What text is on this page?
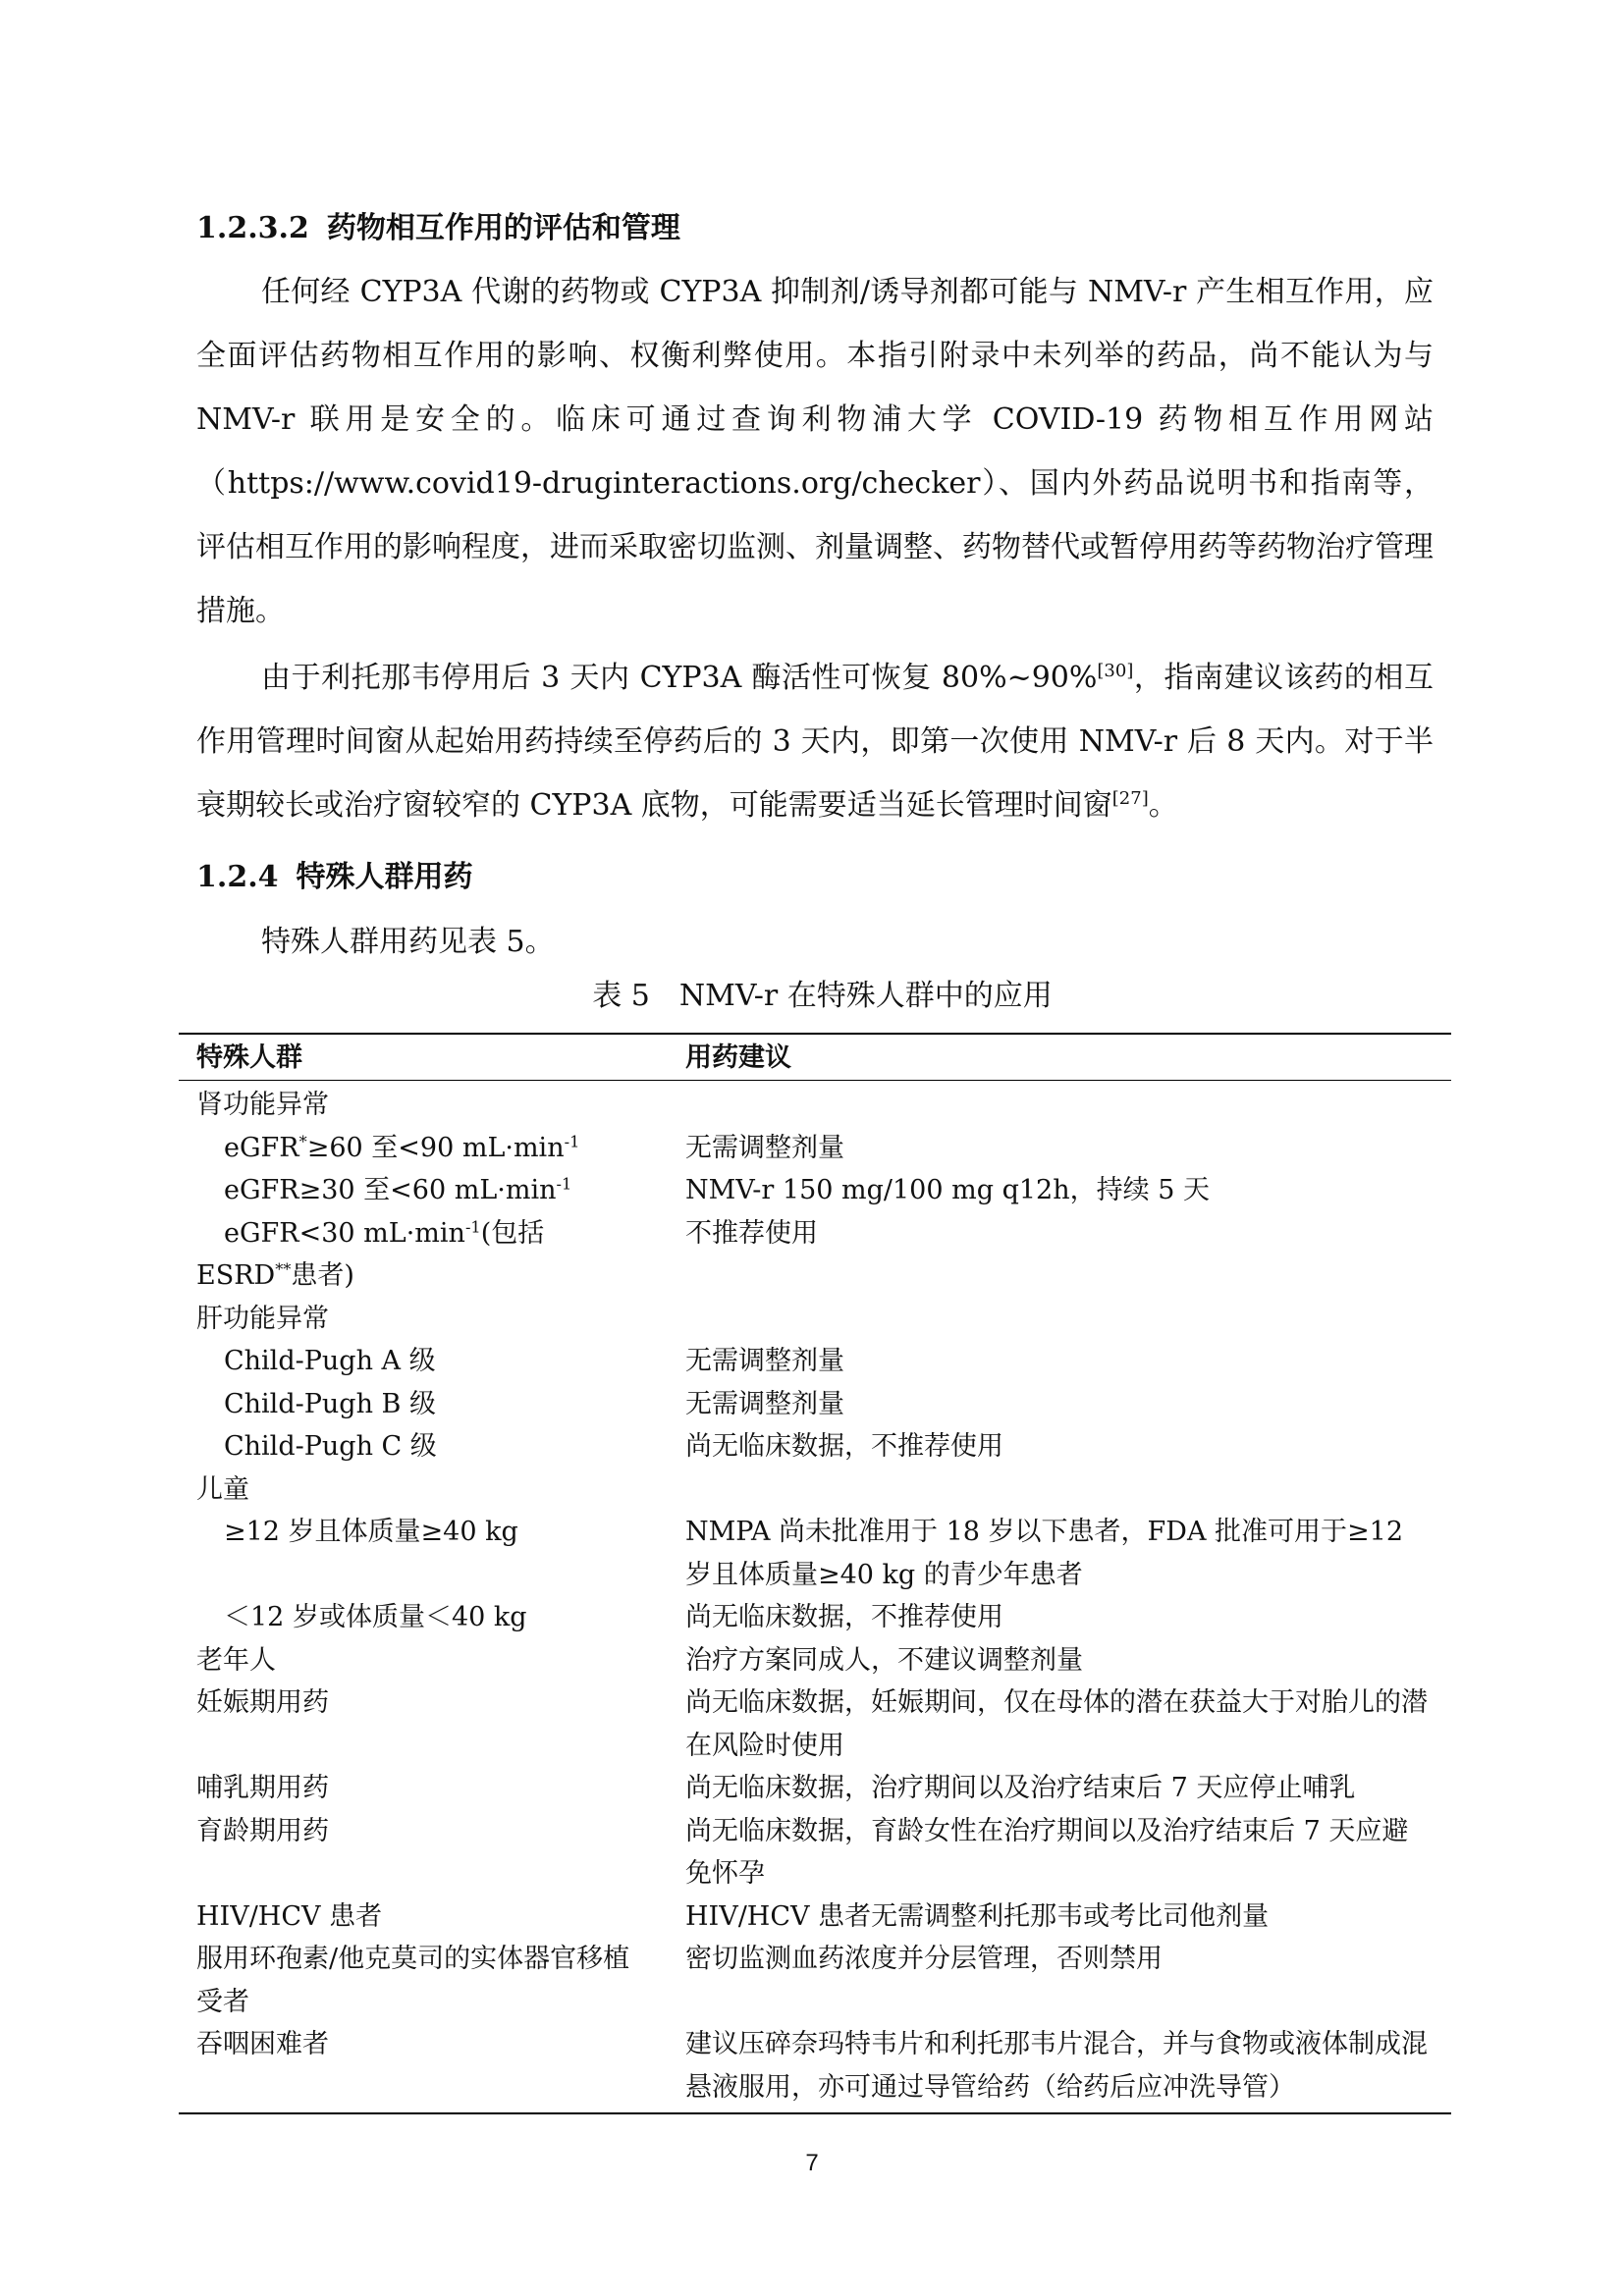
1.2.3.2 药物相互作用的评估和管理

任何经 CYP3A 代谢的药物或 CYP3A 抑制剂/诱导剂都可能与 NMV-r 产生相互作用，应全面评估药物相互作用的影响、权衡利弊使用。本指引附录中未列举的药品，尚不能认为与 NMV-r 联用是安全的。临床可通过查询利物浦大学 COVID-19 药物相互作用网站（https://www.covid19-druginteractions.org/checker）、国内外药品说明书和指南等，评估相互作用的影响程度，进而采取密切监测、剂量调整、药物替代或暂停用药等药物治疗管理措施。

由于利托那韦停用后 3 天内 CYP3A 酶活性可恢复 80%~90%[30]，指南建议该药的相互作用管理时间窗从起始用药持续至停药后的 3 天内，即第一次使用 NMV-r 后 8 天内。对于半衰期较长或治疗窗较窄的 CYP3A 底物，可能需要适当延长管理时间窗[27]。

1.2.4 特殊人群用药

特殊人群用药见表 5。

表 5　NMV-r 在特殊人群中的应用
特殊人群	用药建议

肾功能异常	
eGFR*≥60 至<90 $mL\cdot\min^{-1}$	无需调整剂量
eGFR≥30 至<60 $mL\cdot\min^{-1}$	NMV-r 150 mg/100 mg q12h，持续 5 天
eGFR<30 $mL\cdot\min^{-1}$(包括 ESRD**患者)	不推荐使用
肝功能异常	
Child-Pugh A 级	无需调整剂量
Child-Pugh B 级	无需调整剂量
Child-Pugh C 级	尚无临床数据，不推荐使用
儿童	
≥12 岁且体质量≥40 kg	NMPA 尚未批准用于 18 岁以下患者，FDA 批准可用于≥12 岁且体质量≥40 kg 的青少年患者
＜12 岁或体质量＜40 kg	尚无临床数据，不推荐使用
老年人	治疗方案同成人，不建议调整剂量
妊娠期用药	尚无临床数据，妊娠期间，仅在母体的潜在获益大于对胎儿的潜在风险时使用
哺乳期用药	尚无临床数据，治疗期间以及治疗结束后 7 天应停止哺乳
育龄期用药	尚无临床数据，育龄女性在治疗期间以及治疗结束后 7 天应避免怀孕
HIV/HCV 患者	HIV/HCV 患者无需调整利托那韦或考比司他剂量
服用环孢素/他克莫司的实体器官移植受者	密切监测血药浓度并分层管理，否则禁用
吞咽困难者	建议压碎奈玛特韦片和利托那韦片混合，并与食物或液体制成混悬液服用，亦可通过导管给药（给药后应冲洗导管）
7
